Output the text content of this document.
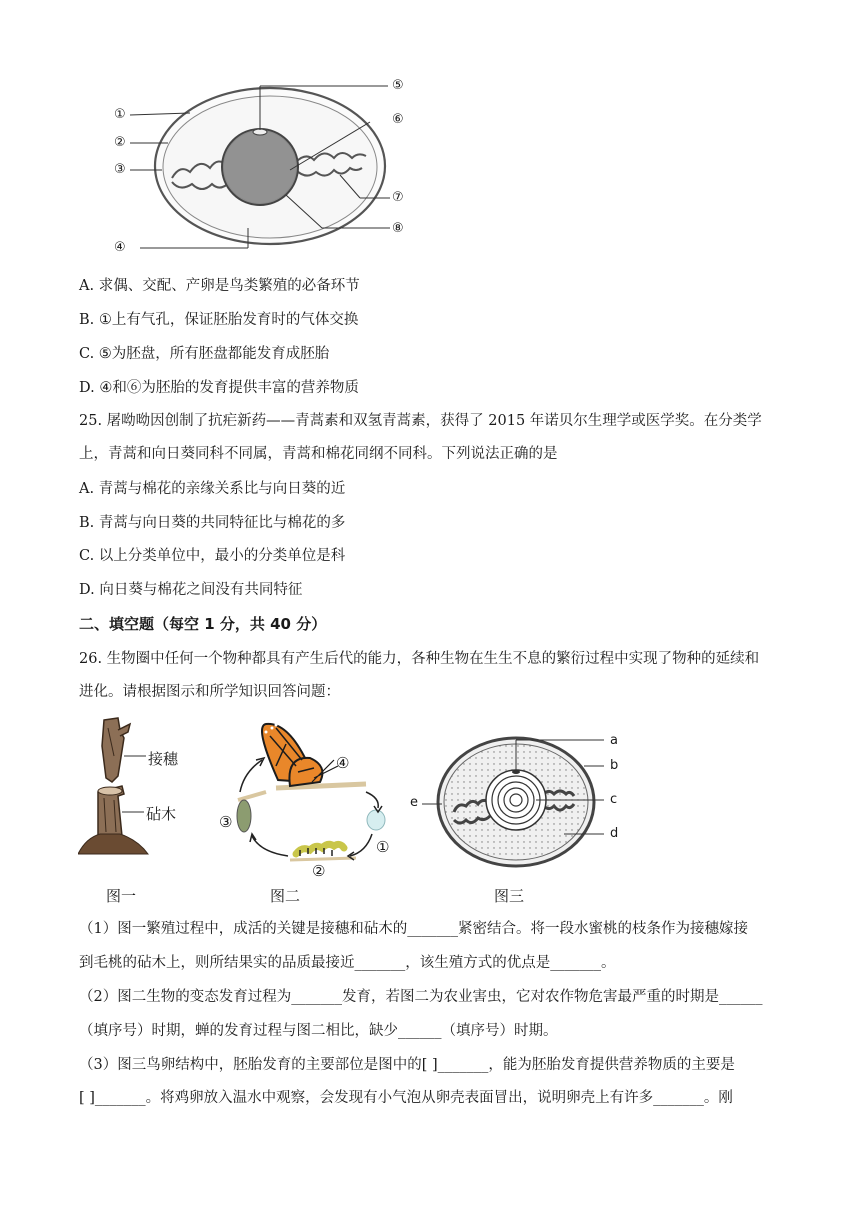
①
②
③
④
⑤
⑥
⑦
⑧
A. 求偶、交配、产卵是鸟类繁殖的必备环节
B. ①上有气孔，保证胚胎发育时的气体交换
C. ⑤为胚盘，所有胚盘都能发育成胚胎
D. ④和⑥为胚胎的发育提供丰富的营养物质
25. 屠呦呦因创制了抗疟新药——青蒿素和双氢青蒿素，获得了 2015 年诺贝尔生理学或医学奖。在分类学
上，青蒿和向日葵同科不同属，青蒿和棉花同纲不同科。下列说法正确的是
A. 青蒿与棉花的亲缘关系比与向日葵的近
B. 青蒿与向日葵的共同特征比与棉花的多
C. 以上分类单位中，最小的分类单位是科
D. 向日葵与棉花之间没有共同特征
二、填空题（每空 1 分，共 40 分）
26. 生物圈中任何一个物种都具有产生后代的能力，各种生物在生生不息的繁衍过程中实现了物种的延续和
进化。请根据图示和所学知识回答问题：
接穗
砧木
图一
①
②
③
④
图二
a
b
c
d
e
图三
（1）图一繁殖过程中，成活的关键是接穗和砧木的_______紧密结合。将一段水蜜桃的枝条作为接穗嫁接
到毛桃的砧木上，则所结果实的品质最接近_______，该生殖方式的优点是_______。
（2）图二生物的变态发育过程为_______发育，若图二为农业害虫，它对农作物危害最严重的时期是______
（填序号）时期，蝉的发育过程与图二相比，缺少______（填序号）时期。
（3）图三鸟卵结构中，胚胎发育的主要部位是图中的[ ]_______，能为胚胎发育提供营养物质的主要是
[ ]_______。将鸡卵放入温水中观察，会发现有小气泡从卵壳表面冒出，说明卵壳上有许多_______。刚
